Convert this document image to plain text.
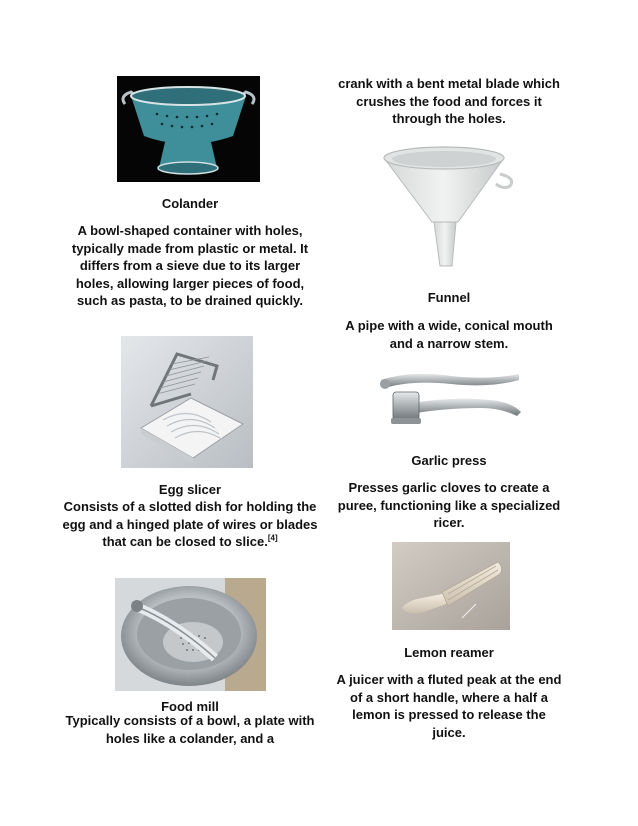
Colander
A bowl-shaped container with holes, typically made from plastic or metal. It differs from a sieve due to its larger holes, allowing larger pieces of food, such as pasta, to be drained quickly.
Egg slicer
Consists of a slotted dish for holding the egg and a hinged plate of wires or blades that can be closed to slice.[4]
Food mill
Typically consists of a bowl, a plate with holes like a colander, and a
crank with a bent metal blade which crushes the food and forces it through the holes.
Funnel
A pipe with a wide, conical mouth and a narrow stem.
Garlic press
Presses garlic cloves to create a puree, functioning like a specialized ricer.
Lemon reamer
A juicer with a fluted peak at the end of a short handle, where a half a lemon is pressed to release the juice.
